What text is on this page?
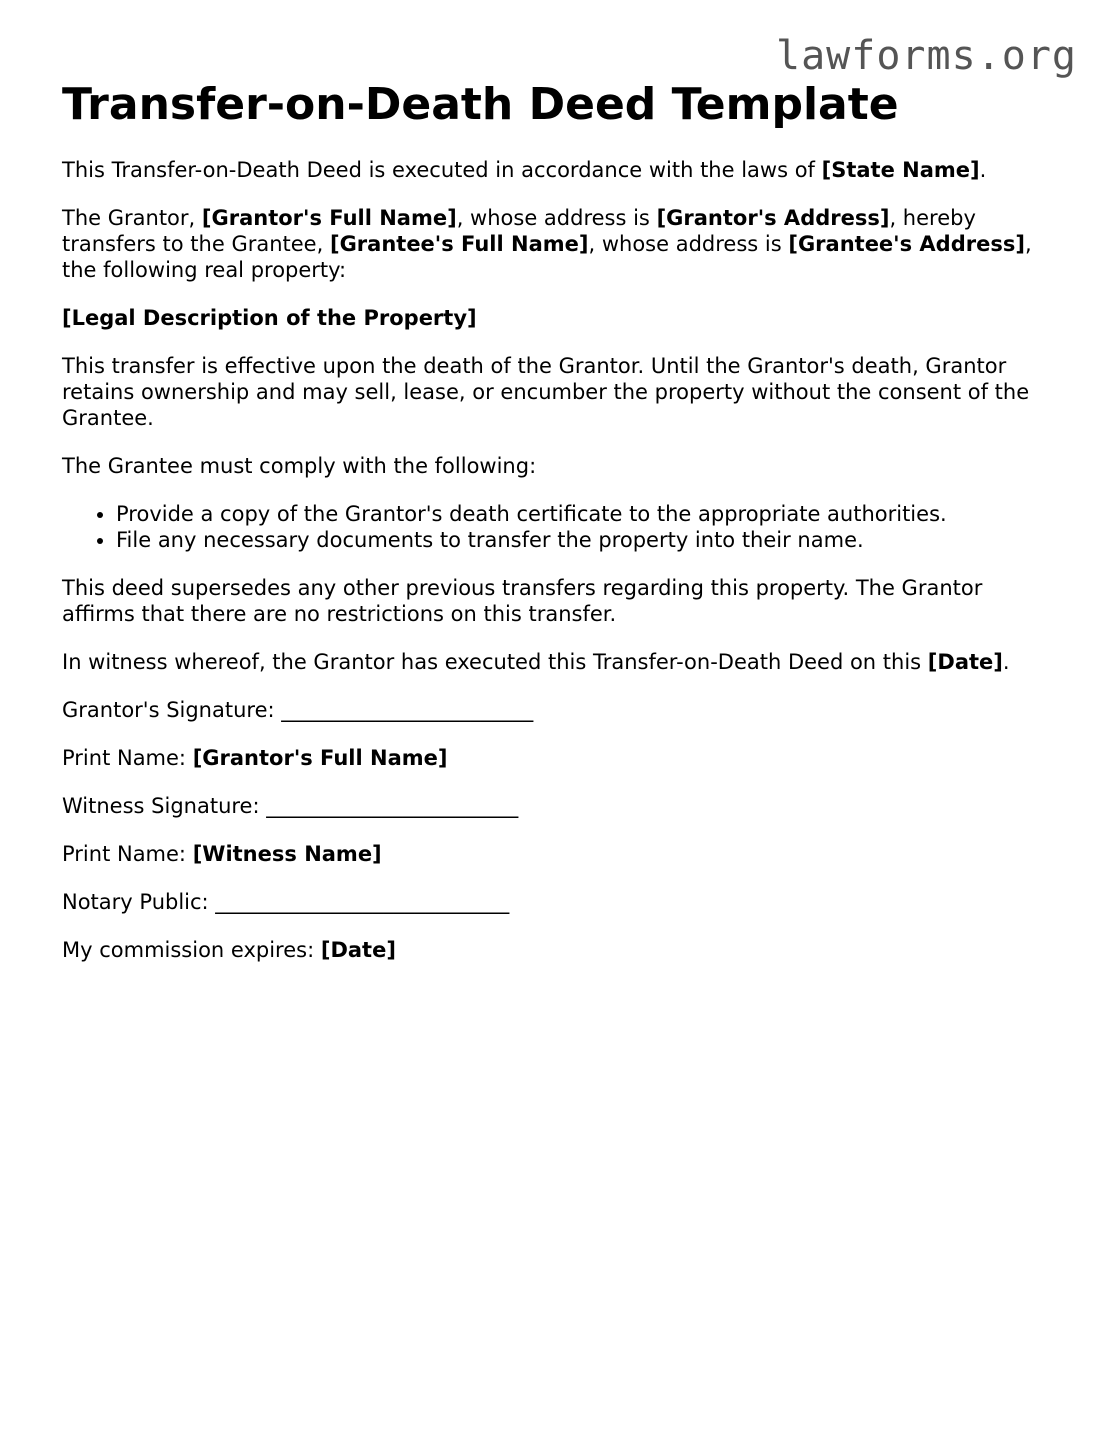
lawforms.org
Transfer-on-Death Deed Template

This Transfer-on-Death Deed is executed in accordance with the laws of [State Name].

The Grantor, [Grantor's Full Name], whose address is [Grantor's Address], hereby transfers to the Grantee, [Grantee's Full Name], whose address is [Grantee's Address], the following real property:

[Legal Description of the Property]

This transfer is effective upon the death of the Grantor. Until the Grantor's death, Grantor retains ownership and may sell, lease, or encumber the property without the consent of the Grantee.

The Grantee must comply with the following:

• Provide a copy of the Grantor's death certificate to the appropriate authorities.
• File any necessary documents to transfer the property into their name.

This deed supersedes any other previous transfers regarding this property. The Grantor affirms that there are no restrictions on this transfer.

In witness whereof, the Grantor has executed this Transfer-on-Death Deed on this [Date].

Grantor's Signature: ________________________

Print Name: [Grantor's Full Name]

Witness Signature: ________________________

Print Name: [Witness Name]

Notary Public: ____________________________

My commission expires: [Date]
